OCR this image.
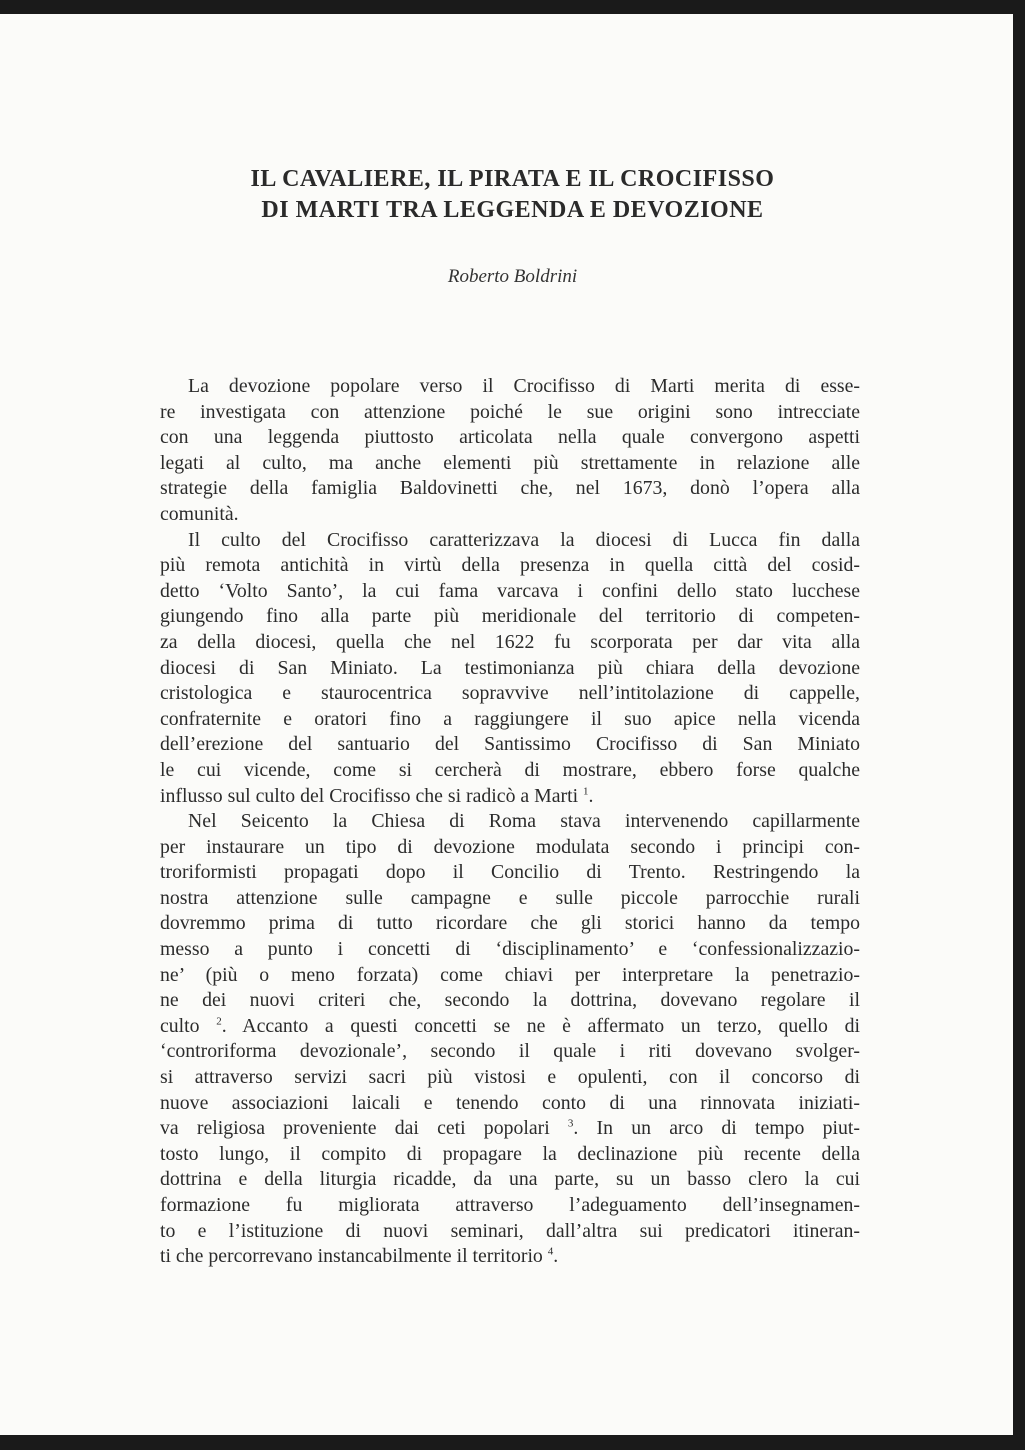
IL CAVALIERE, IL PIRATA E IL CROCIFISSO
DI MARTI TRA LEGGENDA E DEVOZIONE

Roberto Boldrini

La devozione popolare verso il Crocifisso di Marti merita di esse-
re investigata con attenzione poiché le sue origini sono intrecciate
con una leggenda piuttosto articolata nella quale convergono aspetti
legati al culto, ma anche elementi più strettamente in relazione alle
strategie della famiglia Baldovinetti che, nel 1673, donò l’opera alla
comunità.

Il culto del Crocifisso caratterizzava la diocesi di Lucca fin dalla
più remota antichità in virtù della presenza in quella città del cosid-
detto ‘Volto Santo’, la cui fama varcava i confini dello stato lucchese
giungendo fino alla parte più meridionale del territorio di competen-
za della diocesi, quella che nel 1622 fu scorporata per dar vita alla
diocesi di San Miniato. La testimonianza più chiara della devozione
cristologica e staurocentrica sopravvive nell’intitolazione di cappelle,
confraternite e oratori fino a raggiungere il suo apice nella vicenda
dell’erezione del santuario del Santissimo Crocifisso di San Miniato
le cui vicende, come si cercherà di mostrare, ebbero forse qualche
influsso sul culto del Crocifisso che si radicò a Marti $^1$.

Nel Seicento la Chiesa di Roma stava intervenendo capillarmente
per instaurare un tipo di devozione modulata secondo i principi con-
troriformisti propagati dopo il Concilio di Trento. Restringendo la
nostra attenzione sulle campagne e sulle piccole parrocchie rurali
dovremmo prima di tutto ricordare che gli storici hanno da tempo
messo a punto i concetti di ‘disciplinamento’ e ‘confessionalizzazio-
ne’ (più o meno forzata) come chiavi per interpretare la penetrazio-
ne dei nuovi criteri che, secondo la dottrina, dovevano regolare il
culto $^2$. Accanto a questi concetti se ne è affermato un terzo, quello di
‘controriforma devozionale’, secondo il quale i riti dovevano svolger-
si attraverso servizi sacri più vistosi e opulenti, con il concorso di
nuove associazioni laicali e tenendo conto di una rinnovata iniziati-
va religiosa proveniente dai ceti popolari $^3$. In un arco di tempo piut-
tosto lungo, il compito di propagare la declinazione più recente della
dottrina e della liturgia ricadde, da una parte, su un basso clero la cui
formazione fu migliorata attraverso l’adeguamento dell’insegnamen-
to e l’istituzione di nuovi seminari, dall’altra sui predicatori itineran-
ti che percorrevano instancabilmente il territorio $^4$.
